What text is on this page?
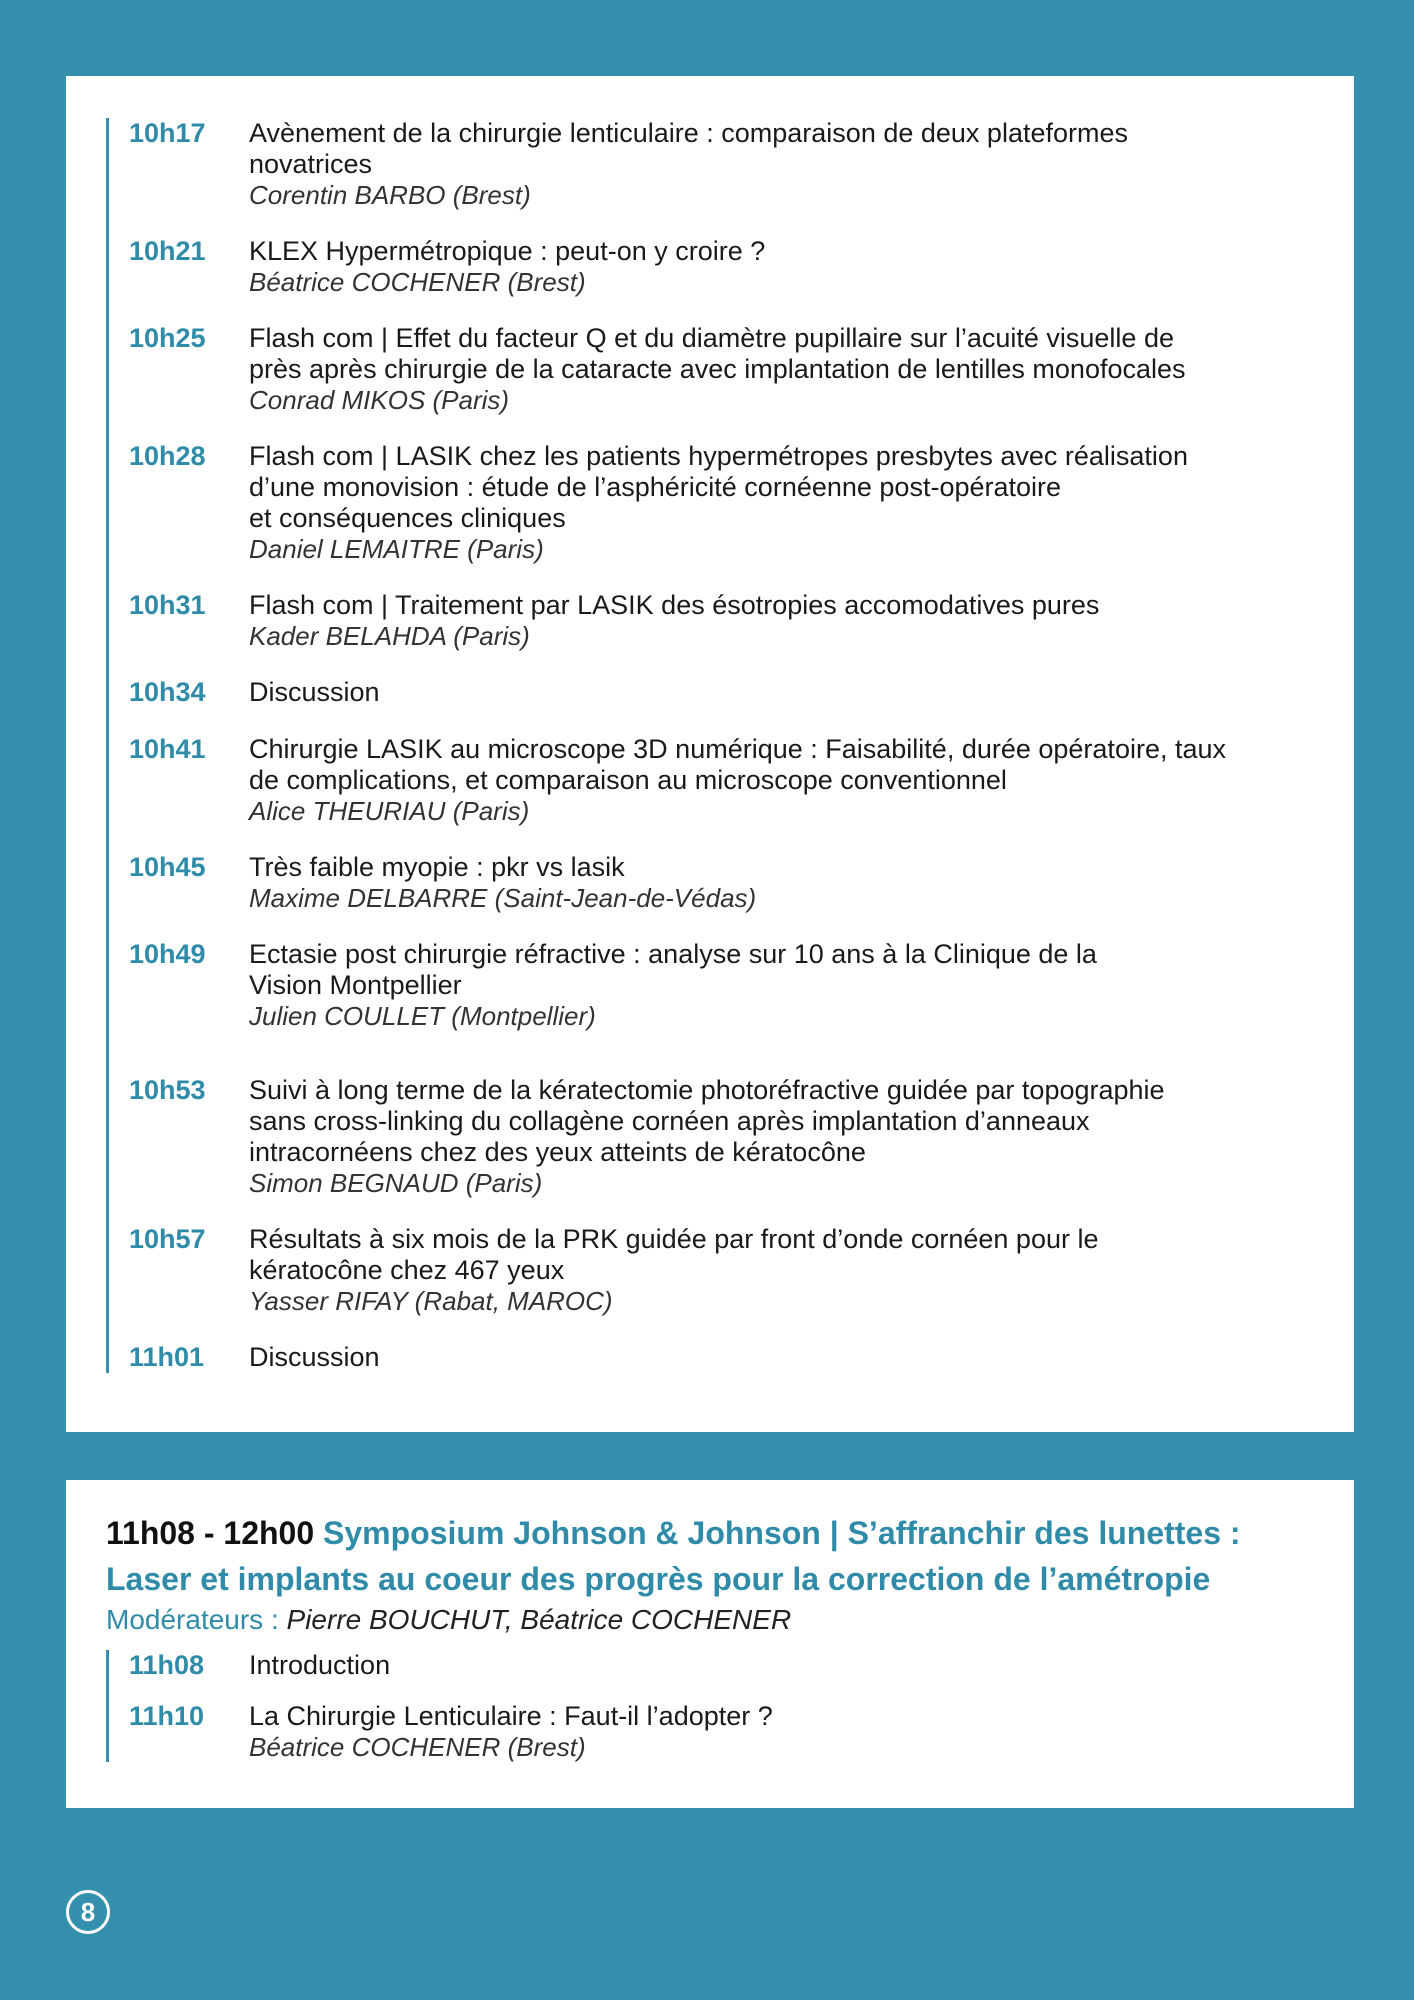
10h17	Avènement de la chirurgie lenticulaire : comparaison de deux plateformes
novatrices
Corentin BARBO (Brest)
10h21	KLEX Hypermétropique : peut-on y croire ?
Béatrice COCHENER (Brest)
10h25	Flash com | Effet du facteur Q et du diamètre pupillaire sur l’acuité visuelle de
près après chirurgie de la cataracte avec implantation de lentilles monofocales
Conrad MIKOS (Paris)
10h28	Flash com | LASIK chez les patients hypermétropes presbytes avec réalisation
d’une monovision : étude de l’asphéricité cornéenne post-opératoire
et conséquences cliniques
Daniel LEMAITRE (Paris)
10h31	Flash com | Traitement par LASIK des ésotropies accomodatives pures
Kader BELAHDA (Paris)
10h34	Discussion
10h41	Chirurgie LASIK au microscope 3D numérique : Faisabilité, durée opératoire, taux
de complications, et comparaison au microscope conventionnel
Alice THEURIAU (Paris)
10h45	Très faible myopie : pkr vs lasik
Maxime DELBARRE (Saint-Jean-de-Védas)
10h49	Ectasie post chirurgie réfractive : analyse sur 10 ans à la Clinique de la
Vision Montpellier
Julien COULLET (Montpellier)
10h53	Suivi à long terme de la kératectomie photoréfractive guidée par topographie
sans cross-linking du collagène cornéen après implantation d’anneaux
intracornéens chez des yeux atteints de kératocône
Simon BEGNAUD (Paris)
10h57	Résultats à six mois de la PRK guidée par front d’onde cornéen pour le
kératocône chez 467 yeux
Yasser RIFAY (Rabat, MAROC)
11h01	Discussion
11h08 - 12h00 Symposium Johnson & Johnson | S’affranchir des lunettes : Laser et implants au coeur des progrès pour la correction de l’amétropie
Modérateurs : Pierre BOUCHUT, Béatrice COCHENER
11h08	Introduction
11h10	La Chirurgie Lenticulaire : Faut-il l’adopter ?
Béatrice COCHENER (Brest)
8
